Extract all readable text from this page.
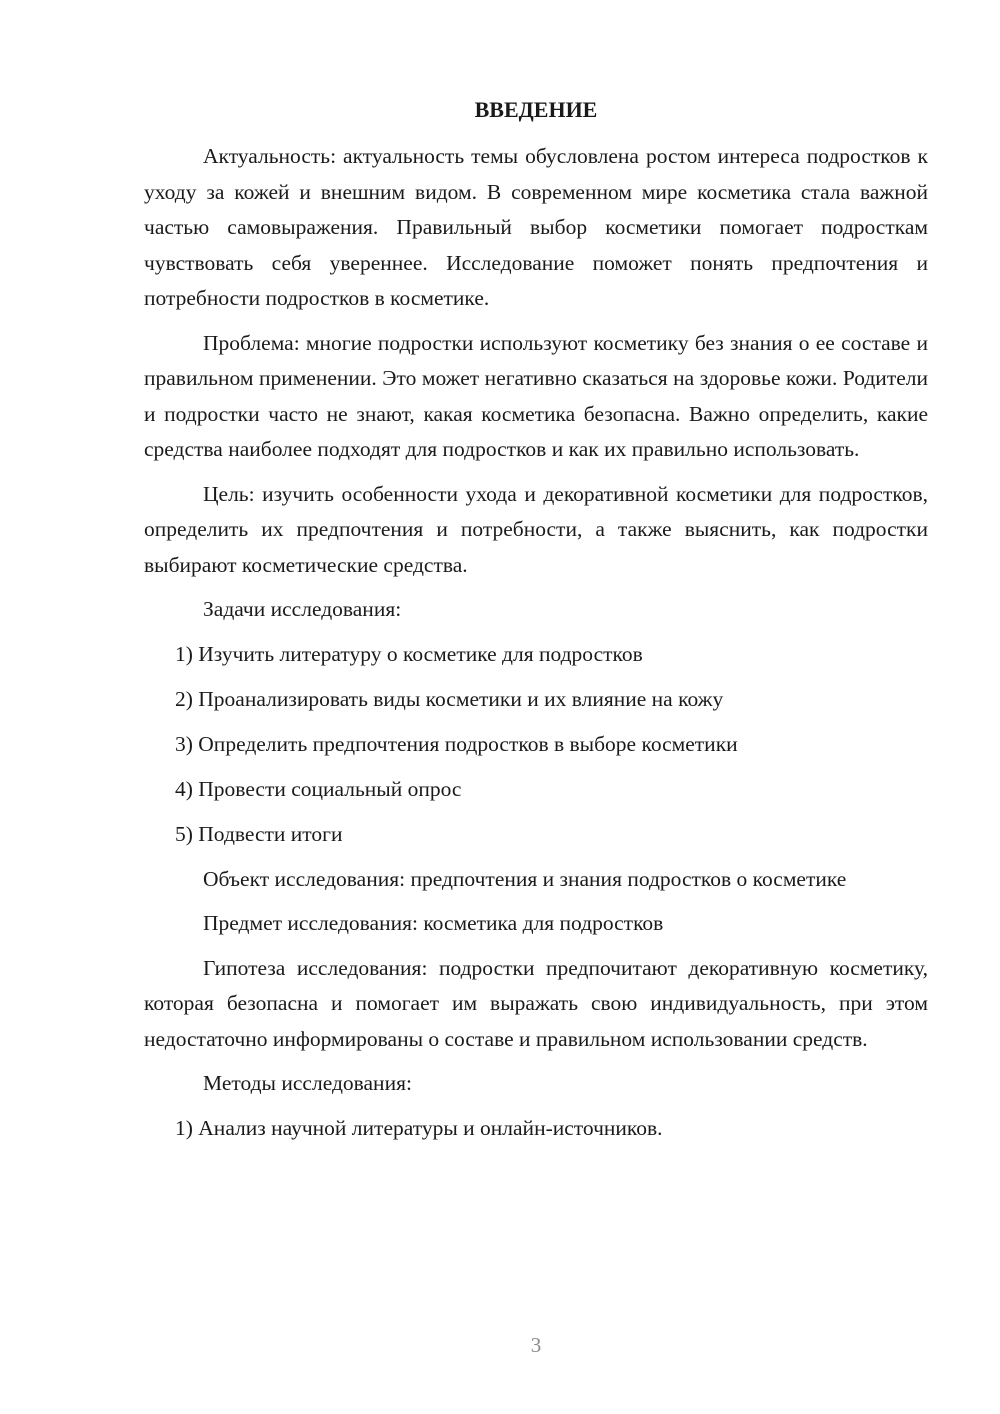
ВВЕДЕНИЕ

Актуальность: актуальность темы обусловлена ростом интереса подростков к уходу за кожей и внешним видом. В современном мире косметика стала важной частью самовыражения. Правильный выбор косметики помогает подросткам чувствовать себя увереннее. Исследование поможет понять предпочтения и потребности подростков в косметике.

Проблема: многие подростки используют косметику без знания о ее составе и правильном применении. Это может негативно сказаться на здоровье кожи. Родители и подростки часто не знают, какая косметика безопасна. Важно определить, какие средства наиболее подходят для подростков и как их правильно использовать.

Цель: изучить особенности ухода и декоративной косметики для подростков, определить их предпочтения и потребности, а также выяснить, как подростки выбирают косметические средства.

Задачи исследования:

1) Изучить литературу о косметике для подростков

2) Проанализировать виды косметики и их влияние на кожу

3) Определить предпочтения подростков в выборе косметики

4) Провести социальный опрос

5) Подвести итоги

Объект исследования: предпочтения и знания подростков о косметике

Предмет исследования: косметика для подростков

Гипотеза исследования: подростки предпочитают декоративную косметику, которая безопасна и помогает им выражать свою индивидуальность, при этом недостаточно информированы о составе и правильном использовании средств.

Методы исследования:

1) Анализ научной литературы и онлайн-источников.

3
